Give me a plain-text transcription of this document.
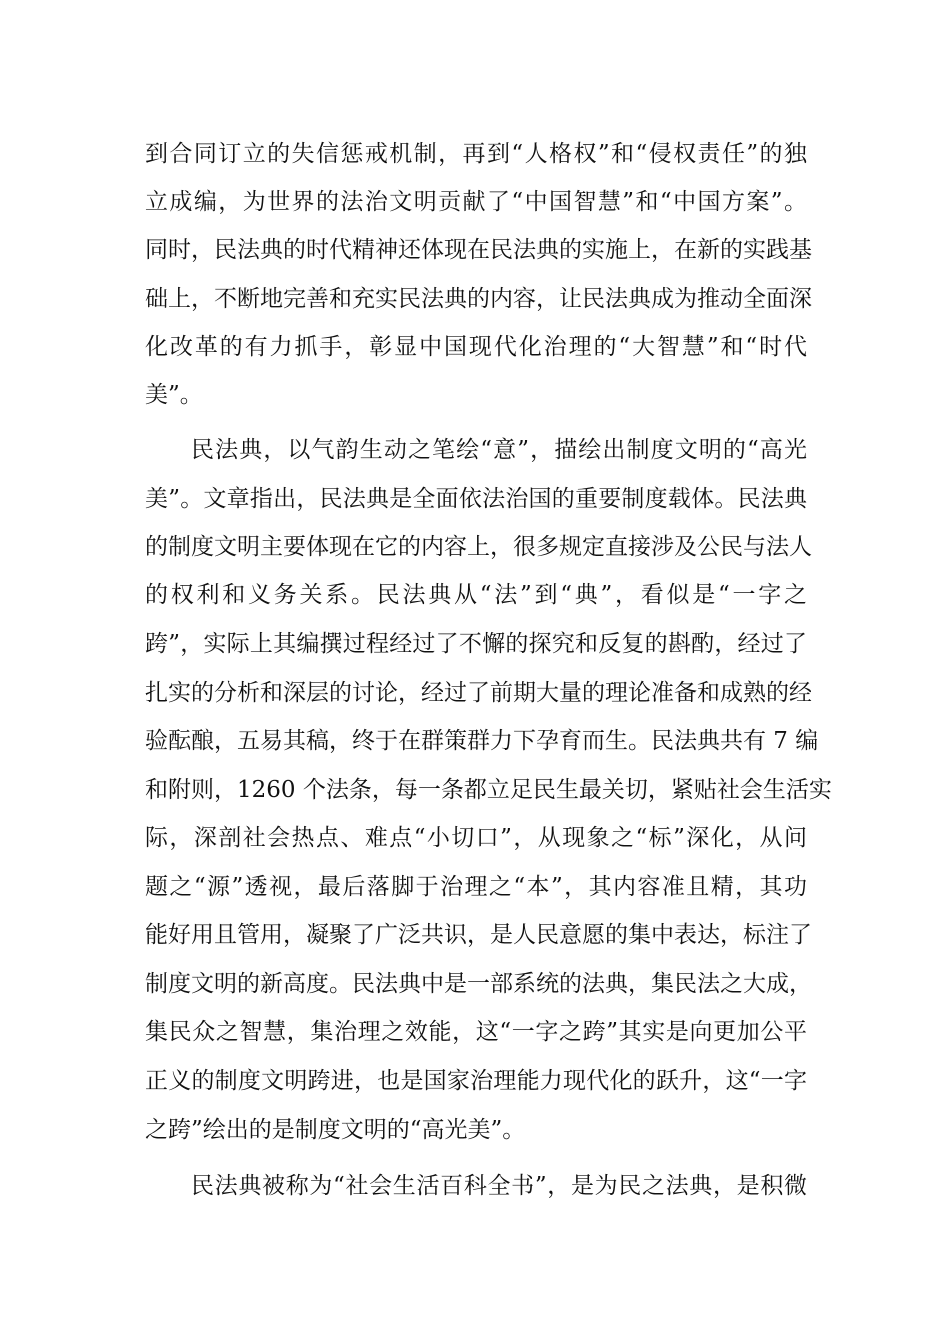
到合同订立的失信惩戒机制，再到“人格权”和“侵权责任”的独
立成编，为世界的法治文明贡献了“中国智慧”和“中国方案”。
同时，民法典的时代精神还体现在民法典的实施上，在新的实践基
础上，不断地完善和充实民法典的内容，让民法典成为推动全面深
化改革的有力抓手，彰显中国现代化治理的“大智慧”和“时代
美”。
民法典，以气韵生动之笔绘“意”，描绘出制度文明的“高光
美”。文章指出，民法典是全面依法治国的重要制度载体。民法典
的制度文明主要体现在它的内容上，很多规定直接涉及公民与法人
的权利和义务关系。民法典从“法”到“典”，看似是“一字之
跨”，实际上其编撰过程经过了不懈的探究和反复的斟酌，经过了
扎实的分析和深层的讨论，经过了前期大量的理论准备和成熟的经
验酝酿，五易其稿，终于在群策群力下孕育而生。民法典共有 7 编
和附则，1260 个法条，每一条都立足民生最关切，紧贴社会生活实
际，深剖社会热点、难点“小切口”，从现象之“标”深化，从问
题之“源”透视，最后落脚于治理之“本”，其内容准且精，其功
能好用且管用，凝聚了广泛共识，是人民意愿的集中表达，标注了
制度文明的新高度。民法典中是一部系统的法典，集民法之大成，
集民众之智慧，集治理之效能，这“一字之跨”其实是向更加公平
正义的制度文明跨进，也是国家治理能力现代化的跃升，这“一字
之跨”绘出的是制度文明的“高光美”。
民法典被称为“社会生活百科全书”，是为民之法典，是积微
